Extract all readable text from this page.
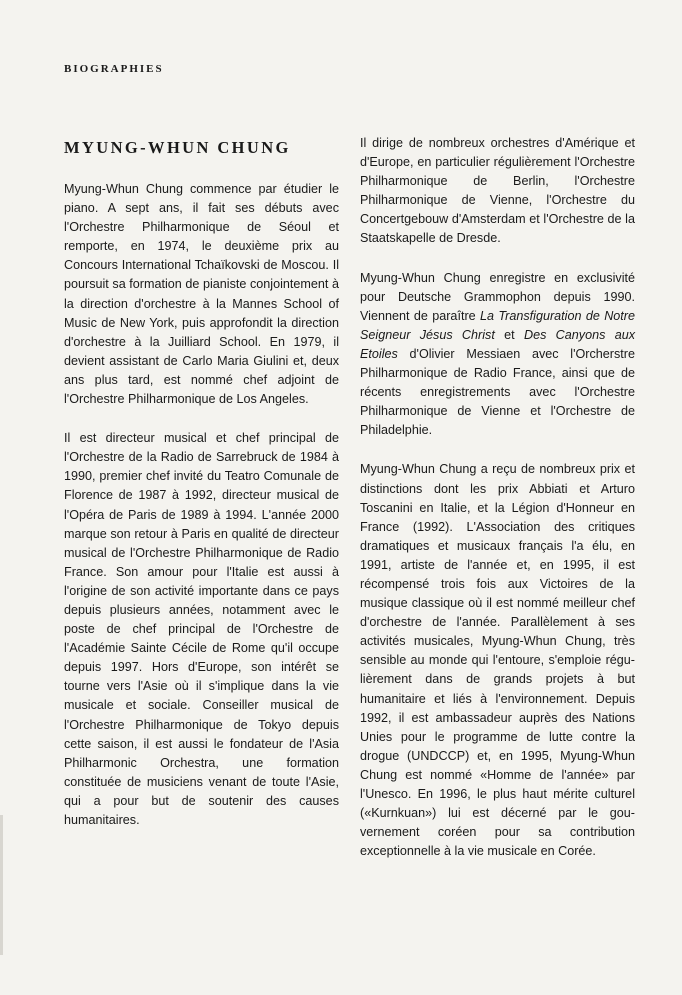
BIOGRAPHIES
MYUNG-WHUN CHUNG

Myung-Whun Chung commence par étudier le piano. A sept ans, il fait ses débuts avec l'Orchestre Philharmonique de Séoul et remporte, en 1974, le deuxième prix au Concours International Tchaïkovski de Moscou. Il poursuit sa formation de pianiste conjointement à la direction d'orchestre à la Mannes School of Music de New York, puis approfondit la direction d'orchestre à la Juilliard School. En 1979, il devient assistant de Carlo Maria Giulini et, deux ans plus tard, est nommé chef adjoint de l'Orchestre Philharmonique de Los Angeles.

Il est directeur musical et chef principal de l'Orchestre de la Radio de Sarrebruck de 1984 à 1990, premier chef invité du Teatro Comunale de Florence de 1987 à 1992, directeur musical de l'Opéra de Paris de 1989 à 1994. L'année 2000 marque son retour à Paris en qualité de directeur musical de l'Orchestre Philharmonique de Radio France. Son amour pour l'Italie est aussi à l'origine de son activité importante dans ce pays depuis plusieurs années, notamment avec le poste de chef principal de l'Orchestre de l'Académie Sainte Cécile de Rome qu'il occupe depuis 1997. Hors d'Europe, son intérêt se tourne vers l'Asie où il s'implique dans la vie musicale et sociale. Conseiller musical de l'Orchestre Philharmonique de Tokyo depuis cette saison, il est aussi le fondateur de l'Asia Philharmonic Orchestra, une formation constituée de musiciens venant de toute l'Asie, qui a pour but de soutenir des causes humanitaires.

Il dirige de nombreux orchestres d'Amérique et d'Europe, en particulier régulièrement l'Orchestre Philharmonique de Berlin, l'Orchestre Philharmonique de Vienne, l'Orchestre du Concertgebouw d'Amsterdam et l'Orchestre de la Staatskapelle de Dresde.

Myung-Whun Chung enregistre en exclusivité pour Deutsche Grammophon depuis 1990. Viennent de paraître La Transfiguration de Notre Seigneur Jésus Christ et Des Canyons aux Etoiles d'Olivier Messiaen avec l'Orcherstre Philharmonique de Radio France, ainsi que de récents enregistrements avec l'Orchestre Philharmonique de Vienne et l'Orchestre de Philadelphie.

Myung-Whun Chung a reçu de nombreux prix et distinctions dont les prix Abbiati et Arturo Toscanini en Italie, et la Légion d'Honneur en France (1992). L'Association des critiques dramatiques et musicaux français l'a élu, en 1991, artiste de l'année et, en 1995, il est récompensé trois fois aux Victoires de la musique classique où il est nommé meilleur chef d'orchestre de l'année. Parallèlement à ses activités musicales, Myung-Whun Chung, très sensible au monde qui l'entoure, s'emploie régulièrement dans de grands projets à but humanitaire et liés à l'environnement. Depuis 1992, il est ambassadeur auprès des Nations Unies pour le programme de lutte contre la drogue (UNDCCP) et, en 1995, Myung-Whun Chung est nommé «Homme de l'année» par l'Unesco. En 1996, le plus haut mérite culturel («Kurnkuan») lui est décerné par le gouvernement coréen pour sa contribution exceptionnelle à la vie musicale en Corée.
